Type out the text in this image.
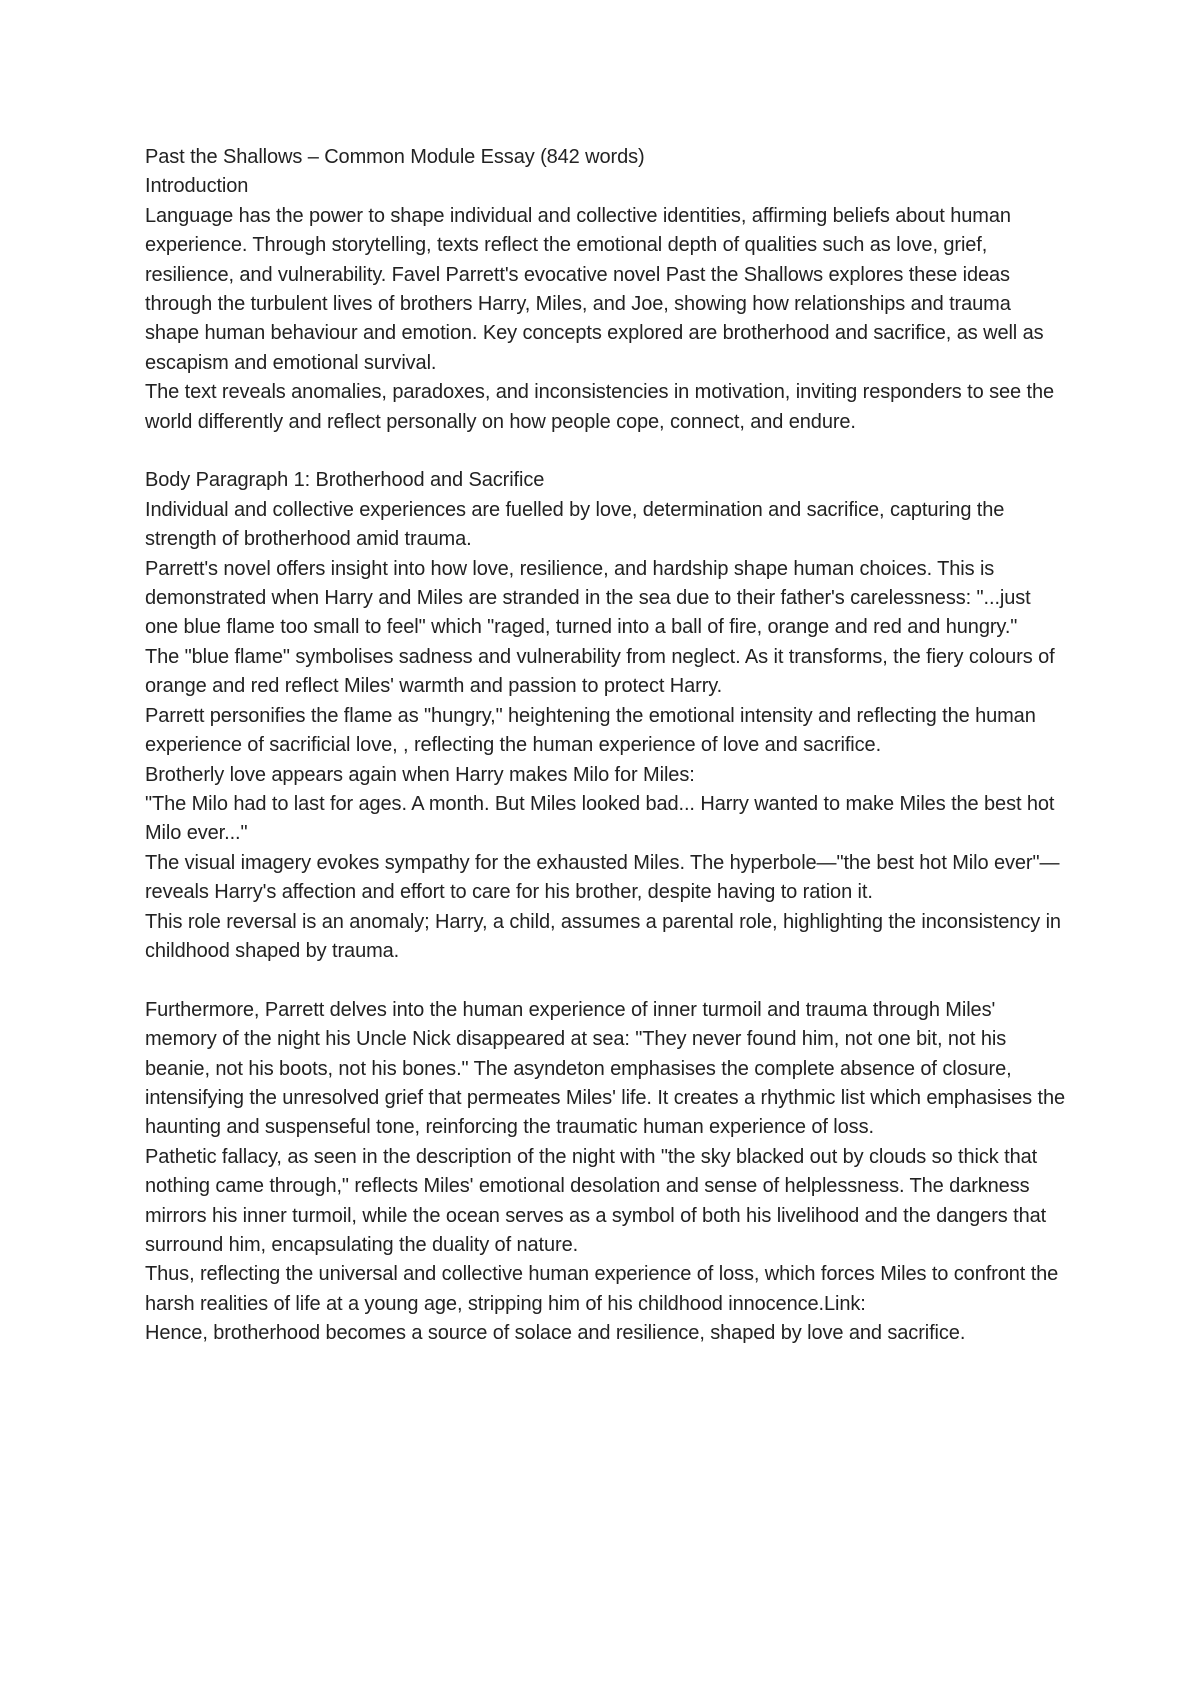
Past the Shallows – Common Module Essay (842 words)

Introduction

Language has the power to shape individual and collective identities, affirming beliefs about human experience. Through storytelling, texts reflect the emotional depth of qualities such as love, grief, resilience, and vulnerability. Favel Parrett's evocative novel Past the Shallows explores these ideas through the turbulent lives of brothers Harry, Miles, and Joe, showing how relationships and trauma shape human behaviour and emotion. Key concepts explored are brotherhood and sacrifice, as well as escapism and emotional survival.

The text reveals anomalies, paradoxes, and inconsistencies in motivation, inviting responders to see the world differently and reflect personally on how people cope, connect, and endure.

Body Paragraph 1: Brotherhood and Sacrifice

Individual and collective experiences are fuelled by love, determination and sacrifice, capturing the strength of brotherhood amid trauma.

Parrett's novel offers insight into how love, resilience, and hardship shape human choices. This is demonstrated when Harry and Miles are stranded in the sea due to their father's carelessness: "...just one blue flame too small to feel" which "raged, turned into a ball of fire, orange and red and hungry."

The "blue flame" symbolises sadness and vulnerability from neglect. As it transforms, the fiery colours of orange and red reflect Miles' warmth and passion to protect Harry.

Parrett personifies the flame as "hungry," heightening the emotional intensity and reflecting the human experience of sacrificial love, , reflecting the human experience of love and sacrifice.

Brotherly love appears again when Harry makes Milo for Miles:

"The Milo had to last for ages. A month. But Miles looked bad... Harry wanted to make Miles the best hot Milo ever..."

The visual imagery evokes sympathy for the exhausted Miles. The hyperbole—"the best hot Milo ever"—reveals Harry's affection and effort to care for his brother, despite having to ration it.

This role reversal is an anomaly; Harry, a child, assumes a parental role, highlighting the inconsistency in childhood shaped by trauma.

Furthermore, Parrett delves into the human experience of inner turmoil and trauma through Miles' memory of the night his Uncle Nick disappeared at sea: "They never found him, not one bit, not his beanie, not his boots, not his bones." The asyndeton emphasises the complete absence of closure, intensifying the unresolved grief that permeates Miles' life. It creates a rhythmic list which emphasises the haunting and suspenseful tone, reinforcing the traumatic human experience of loss.

Pathetic fallacy, as seen in the description of the night with "the sky blacked out by clouds so thick that nothing came through," reflects Miles' emotional desolation and sense of helplessness. The darkness mirrors his inner turmoil, while the ocean serves as a symbol of both his livelihood and the dangers that surround him, encapsulating the duality of nature.

Thus, reflecting the universal and collective human experience of loss, which forces Miles to confront the harsh realities of life at a young age, stripping him of his childhood innocence.Link:

Hence, brotherhood becomes a source of solace and resilience, shaped by love and sacrifice.
